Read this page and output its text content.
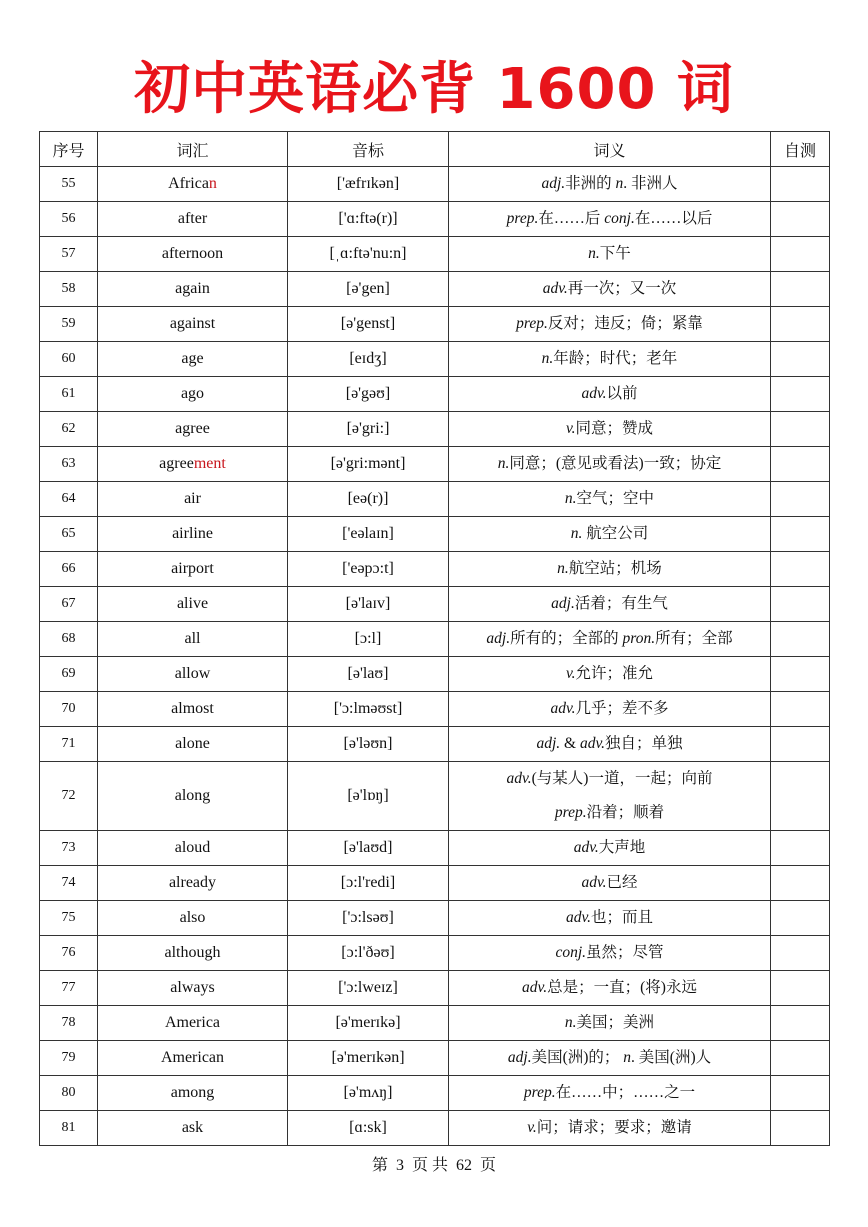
初中英语必背 1600 词
序号	词汇	音标	词义	自测
55	African	['æfrɪkən]	adj.非洲的 n. 非洲人	

56	after	['ɑ:ftə(r)]	prep.在……后 conj.在……以后	

57	afternoon	[ˌɑ:ftə'nu:n]	n.下午	

58	again	[ə'gen]	adv.再一次；又一次	

59	against	[ə'genst]	prep.反对；违反；倚；紧靠	

60	age	[eɪdʒ]	n.年龄；时代；老年	

61	ago	[ə'gəʊ]	adv.以前	

62	agree	[ə'gri:]	v.同意；赞成	

63	agreement	[ə'gri:mənt]	n.同意；(意见或看法)一致；协定	

64	air	[eə(r)]	n.空气；空中	

65	airline	['eəlaɪn]	n. 航空公司	

66	airport	['eəpɔ:t]	n.航空站；机场	

67	alive	[ə'laɪv]	adj.活着；有生气	

68	all	[ɔ:l]	adj.所有的；全部的 pron.所有；全部	

69	allow	[ə'laʊ]	v.允许；准允	

70	almost	['ɔ:lməʊst]	adv.几乎；差不多	

71	alone	[ə'ləʊn]	adj. & adv.独自；单独	

72	along	[ə'lɒŋ]	adv.(与某人)一道，一起；向前
prep.沿着；顺着	

73	aloud	[ə'laʊd]	adv.大声地	

74	already	[ɔ:l'redi]	adv.已经	

75	also	['ɔ:lsəʊ]	adv.也；而且	

76	although	[ɔ:l'ðəʊ]	conj.虽然；尽管	

77	always	['ɔ:lweɪz]	adv.总是；一直；(将)永远	

78	America	[ə'merɪkə]	n.美国；美洲	

79	American	[ə'merɪkən]	adj.美国(洲)的； n. 美国(洲)人	

80	among	[ə'mʌŋ]	prep.在……中；……之一	

81	ask	[ɑ:sk]	v.问；请求；要求；邀请	

第 3 页 共 62 页
